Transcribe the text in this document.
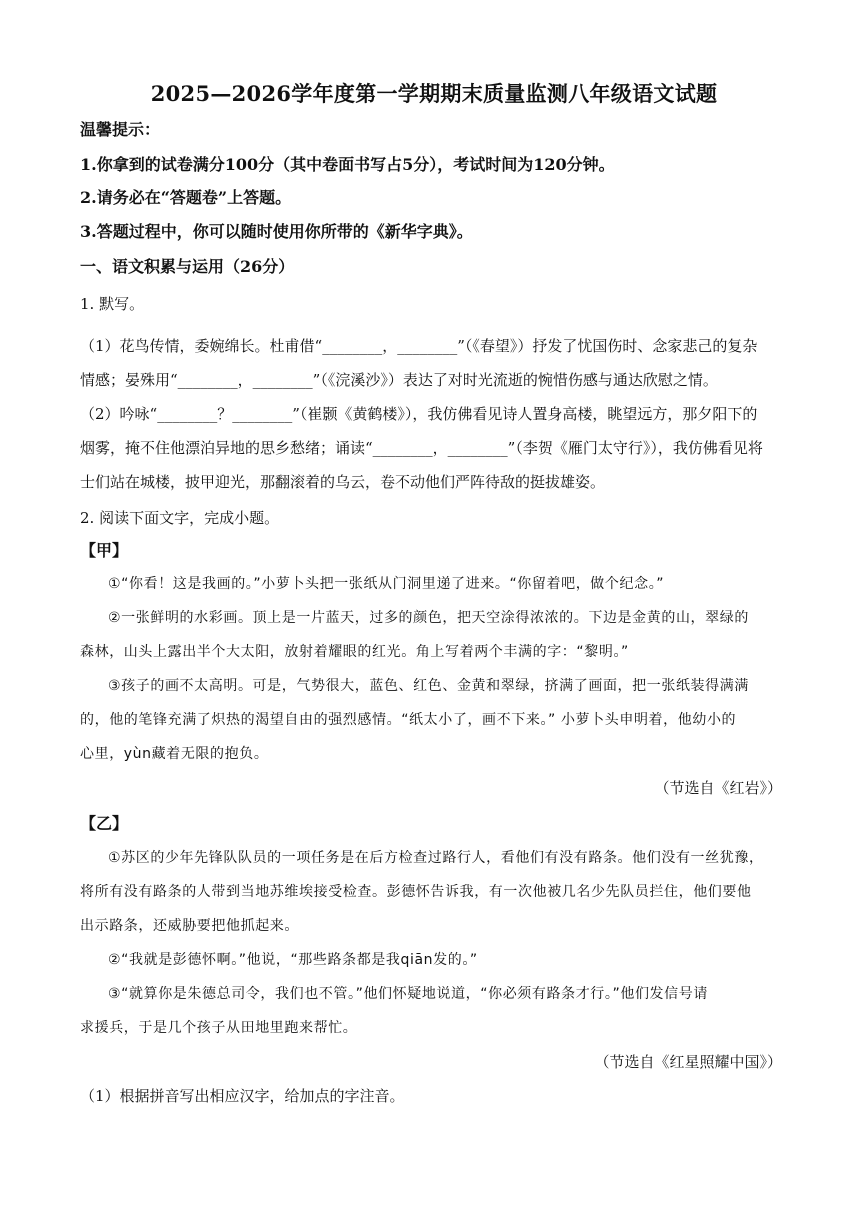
2025—2026学年度第一学期期末质量监测八年级语文试题
温馨提示：
1.你拿到的试卷满分100分（其中卷面书写占5分），考试时间为120分钟。
2.请务必在“答题卷”上答题。
3.答题过程中，你可以随时使用你所带的《新华字典》。
一、语文积累与运用（26分）
1. 默写。
（1）花鸟传情，委婉绵长。杜甫借“________，________”（《春望》）抒发了忧国伤时、念家悲己的复杂
情感；晏殊用“________，________”（《浣溪沙》）表达了对时光流逝的惋惜伤感与通达欣慰之情。
（2）吟咏“________？________”（崔颢《黄鹤楼》），我仿佛看见诗人置身高楼，眺望远方，那夕阳下的
烟雾，掩不住他漂泊异地的思乡愁绪；诵读“________，________”（李贺《雁门太守行》），我仿佛看见将
士们站在城楼，披甲迎光，那翻滚着的乌云，卷不动他们严阵待敌的挺拔雄姿。
2. 阅读下面文字，完成小题。
【甲】
①“你看！这是我画的。”小萝卜头把一张纸从门洞里递了进来。“你留着吧，做个纪念。”
②一张鲜明的水彩画。顶上是一片蓝天，过多的颜色，把天空涂得浓浓的。下边是金黄的山，翠绿的
森林，山头上露出半个大太阳，放射着耀眼的红光。角上写着两个丰满的字：“黎明。”
③孩子的画不太高明。可是，气势很大，蓝色、红色、金黄和翠绿，挤满了画面，把一张纸装得满满
的，他的笔锋充满了炽热的渴望自由的强烈感情。“纸太小了，画不下来。” 小萝卜头申明着，他幼小的
心里，yùn藏着无限的抱负。
（节选自《红岩》）
【乙】
①苏区的少年先锋队队员的一项任务是在后方检查过路行人，看他们有没有路条。他们没有一丝犹豫，
将所有没有路条的人带到当地苏维埃接受检查。彭德怀告诉我，有一次他被几名少先队员拦住，他们要他
出示路条，还威胁要把他抓起来。
②“我就是彭德怀啊。”他说，“那些路条都是我qiān发的。”
③“就算你是朱德总司令，我们也不管。”他们怀疑地说道，“你必须有路条才行。”他们发信号请
求援兵，于是几个孩子从田地里跑来帮忙。
（节选自《红星照耀中国》）
（1）根据拼音写出相应汉字，给加点的字注音。
